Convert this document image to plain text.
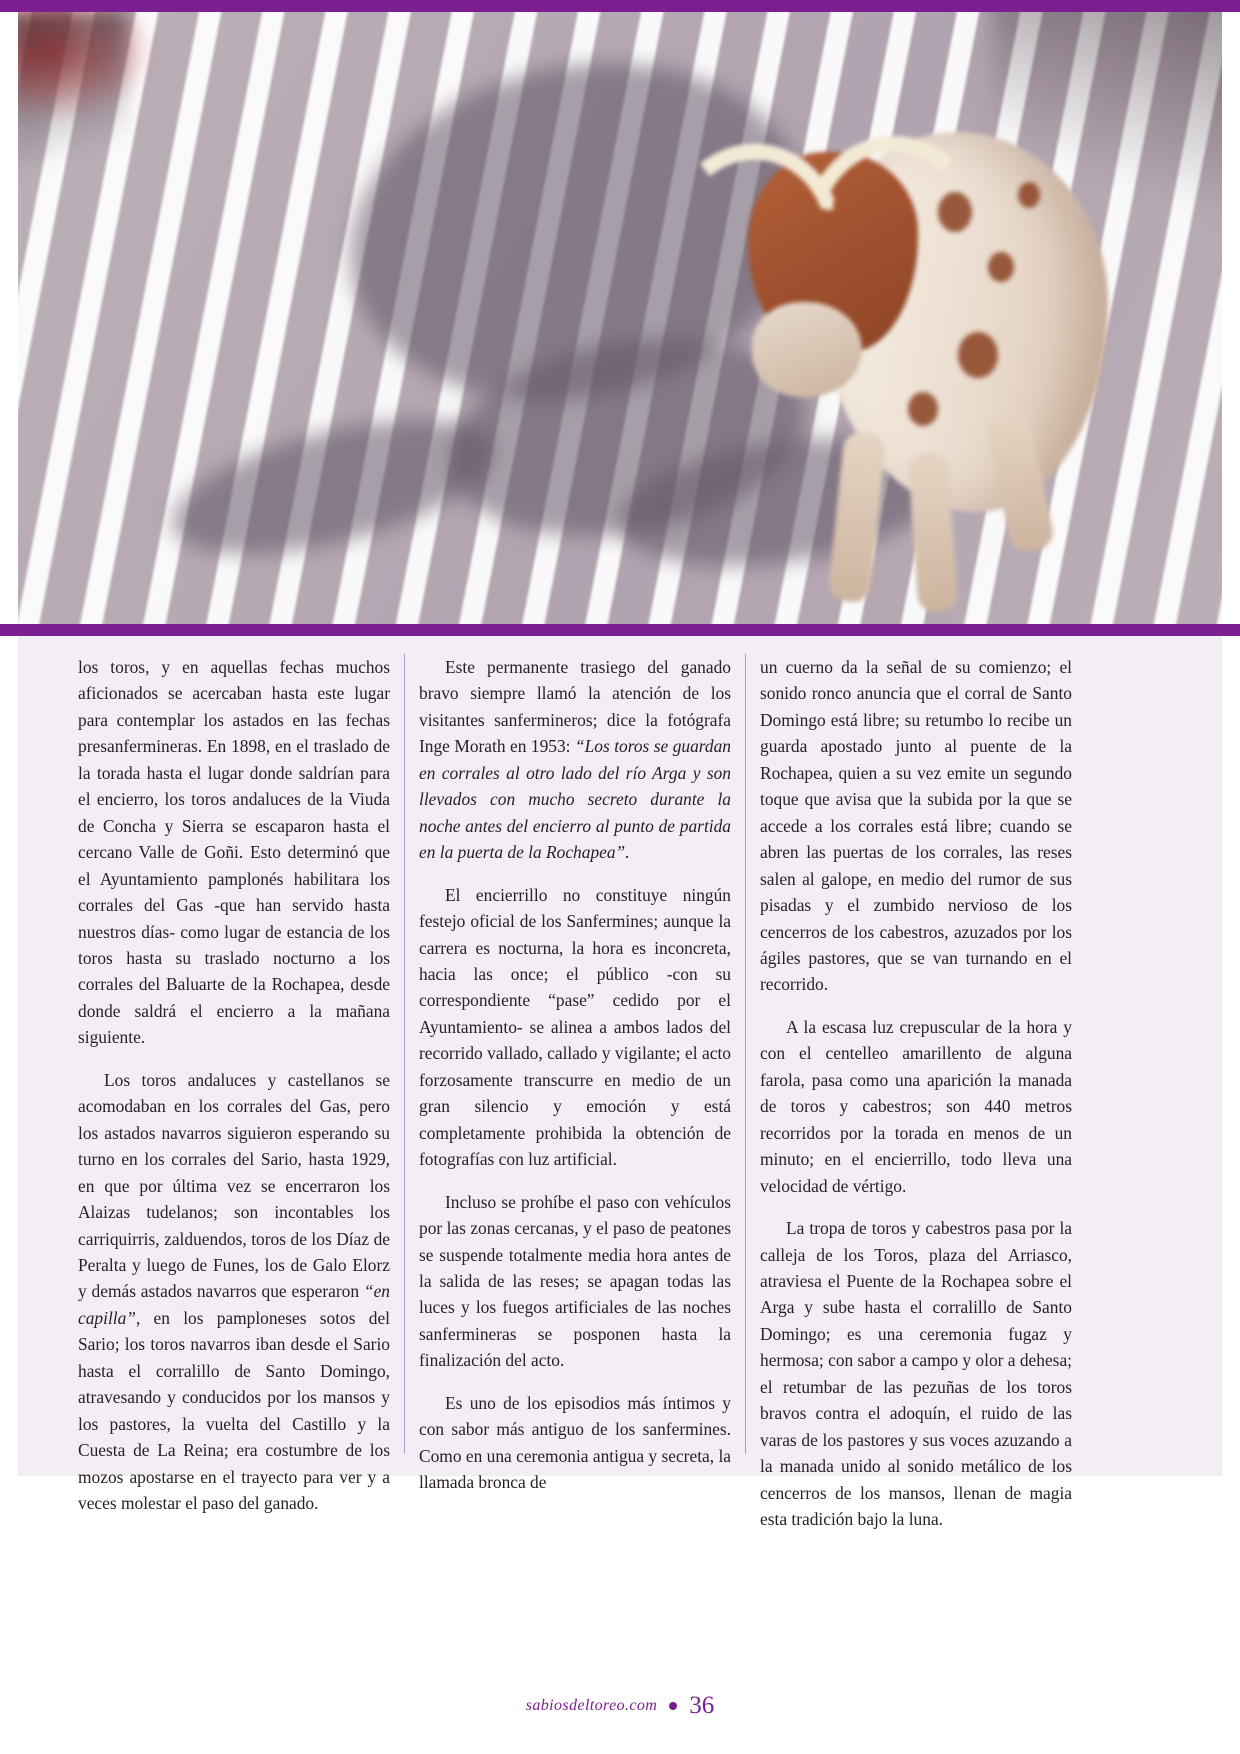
los toros, y en aquellas fechas muchos aficionados se acercaban hasta este lugar para contemplar los astados en las fechas presanfermineras. En 1898, en el traslado de la torada hasta el lugar donde saldrían para el encierro, los toros andaluces de la Viuda de Concha y Sierra se escaparon hasta el cercano Valle de Goñi. Esto determinó que el Ayuntamiento pamplonés habilitara los corrales del Gas -que han servido hasta nuestros días- como lugar de estancia de los toros hasta su traslado nocturno a los corrales del Baluarte de la Rochapea, desde donde saldrá el encierro a la mañana siguiente.

Los toros andaluces y castellanos se acomodaban en los corrales del Gas, pero los astados navarros siguieron esperando su turno en los corrales del Sario, hasta 1929, en que por última vez se encerraron los Alaizas tudelanos; son incontables los carriquirris, zalduendos, toros de los Díaz de Peralta y luego de Funes, los de Galo Elorz y demás astados navarros que esperaron “en capilla”, en los pamploneses sotos del Sario; los toros navarros iban desde el Sario hasta el corralillo de Santo Domingo, atravesando y conducidos por los mansos y los pastores, la vuelta del Castillo y la Cuesta de La Reina; era costumbre de los mozos apostarse en el trayecto para ver y a veces molestar el paso del ganado.

Este permanente trasiego del ganado bravo siempre llamó la atención de los visitantes sanfermineros; dice la fotógrafa Inge Morath en 1953: “Los toros se guardan en corrales al otro lado del río Arga y son llevados con mucho secreto durante la noche antes del encierro al punto de partida en la puerta de la Rochapea”.

El encierrillo no constituye ningún festejo oficial de los Sanfermines; aunque la carrera es nocturna, la hora es inconcreta, hacia las once; el público -con su correspondiente “pase” cedido por el Ayuntamiento- se alinea a ambos lados del recorrido vallado, callado y vigilante; el acto forzosamente transcurre en medio de un gran silencio y emoción y está completamente prohibida la obtención de fotografías con luz artificial.

Incluso se prohíbe el paso con vehículos por las zonas cercanas, y el paso de peatones se suspende totalmente media hora antes de la salida de las reses; se apagan todas las luces y los fuegos artificiales de las noches sanfermineras se posponen hasta la finalización del acto.

Es uno de los episodios más íntimos y con sabor más antiguo de los sanfermines. Como en una ceremonia antigua y secreta, la llamada bronca de

un cuerno da la señal de su comienzo; el sonido ronco anuncia que el corral de Santo Domingo está libre; su retumbo lo recibe un guarda apostado junto al puente de la Rochapea, quien a su vez emite un segundo toque que avisa que la subida por la que se accede a los corrales está libre; cuando se abren las puertas de los corrales, las reses salen al galope, en medio del rumor de sus pisadas y el zumbido nervioso de los cencerros de los cabestros, azuzados por los ágiles pastores, que se van turnando en el recorrido.

A la escasa luz crepuscular de la hora y con el centelleo amarillento de alguna farola, pasa como una aparición la manada de toros y cabestros; son 440 metros recorridos por la torada en menos de un minuto; en el encierrillo, todo lleva una velocidad de vértigo.

La tropa de toros y cabestros pasa por la calleja de los Toros, plaza del Arriasco, atraviesa el Puente de la Rochapea sobre el Arga y sube hasta el corralillo de Santo Domingo; es una ceremonia fugaz y hermosa; con sabor a campo y olor a dehesa; el retumbar de las pezuñas de los toros bravos contra el adoquín, el ruido de las varas de los pastores y sus voces azuzando a la manada unido al sonido metálico de los cencerros de los mansos, llenan de magia esta tradición bajo la luna.

sabiosdeltoreo.com 36
